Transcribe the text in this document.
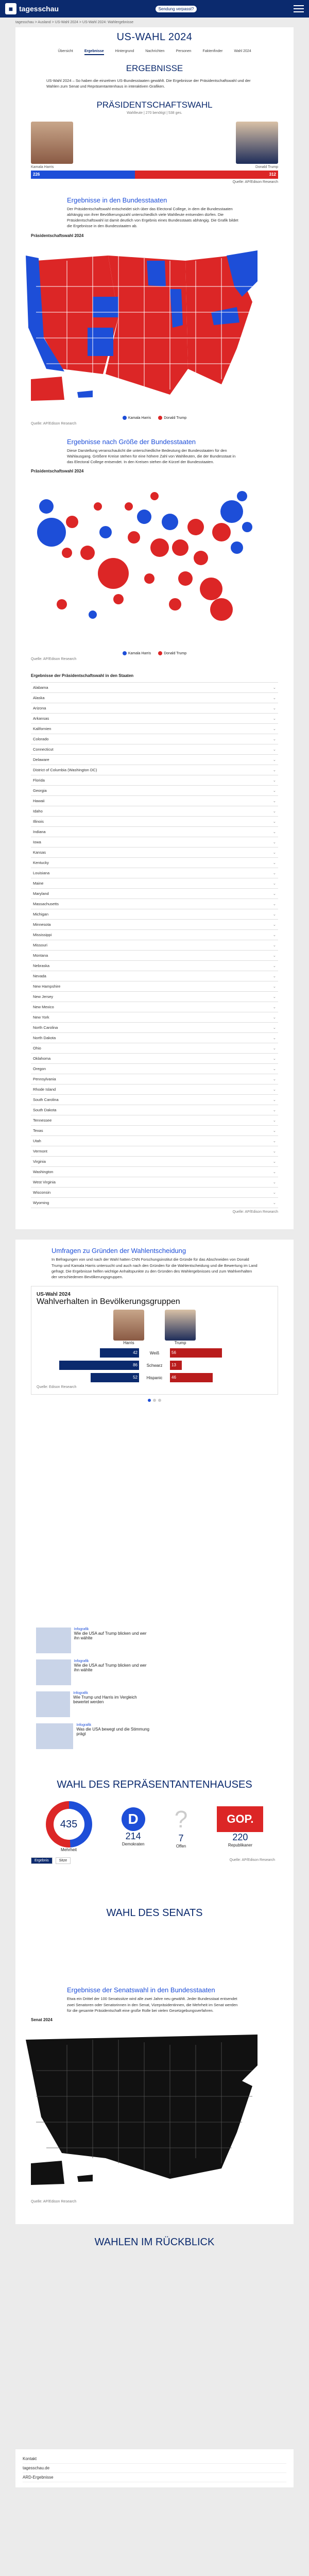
■ tagesschau	Sendung verpasst?
tagesschau > Ausland > US-Wahl 2024 > US-Wahl 2024: Wahlergebnisse
US-WAHL 2024
Übersicht	Ergebnisse	Hintergrund	Nachrichten	Personen	Faktenfinder	Wahl 2024
ERGEBNISSE

US-Wahl 2024 – So haben die einzelnen US-Bundesstaaten gewählt. Die Ergebnisse der Präsidentschaftswahl und der Wahlen zum Senat und Repräsentantenhaus in interaktiven Grafiken.

PRÄSIDENTSCHAFTSWAHL
Wahlleute | 270 benötigt | 538 ges.
Kamala Harris	Donald Trump
226	312
Quelle: AP/Edison Research
Ergebnisse in den Bundesstaaten

Der Präsidentschaftswahl entscheidet sich über das Electoral College, in dem die Bundesstaaten abhängig von ihrer Bevölkerungszahl unterschiedlich viele Wahlleute entsenden dürfen. Die Präsidentschaftswahl ist damit deutlich von Ergebnis eines Bundesstaats abhängig. Die Grafik bildet die Ergebnisse in den Bundesstaaten ab.

Präsidentschaftswahl 2024
Kamala Harris	Donald Trump
Quelle: AP/Edison Research
Ergebnisse nach Größe der Bundesstaaten

Diese Darstellung veranschaulicht die unterschiedliche Bedeutung der Bundesstaaten für den Wahlausgang. Größere Kreise stehen für eine höhere Zahl von Wahlleuten, die der Bundesstaat in das Electoral College entsendet. In den Kreisen stehen die Kürzel der Bundesstaaten.

Präsidentschaftswahl 2024
Kamala Harris	Donald Trump
Quelle: AP/Edison Research
Ergebnisse der Präsidentschaftswahl in den Staaten
Alabama	⌄
Alaska	⌄
Arizona	⌄
Arkansas	⌄
Kalifornien	⌄
Colorado	⌄
Connecticut	⌄
Delaware	⌄
District of Columbia (Washington DC)	⌄
Florida	⌄
Georgia	⌄
Hawaii	⌄
Idaho	⌄
Illinois	⌄
Indiana	⌄
Iowa	⌄
Kansas	⌄
Kentucky	⌄
Louisiana	⌄
Maine	⌄
Maryland	⌄
Massachusetts	⌄
Michigan	⌄
Minnesota	⌄
Mississippi	⌄
Missouri	⌄
Montana	⌄
Nebraska	⌄
Nevada	⌄
New Hampshire	⌄
New Jersey	⌄
New Mexico	⌄
New York	⌄
North Carolina	⌄
North Dakota	⌄
Ohio	⌄
Oklahoma	⌄
Oregon	⌄
Pennsylvania	⌄
Rhode Island	⌄
South Carolina	⌄
South Dakota	⌄
Tennessee	⌄
Texas	⌄
Utah	⌄
Vermont	⌄
Virginia	⌄
Washington	⌄
West Virginia	⌄
Wisconsin	⌄
Wyoming	⌄
Quelle: AP/Edison Research
Umfragen zu Gründen der Wahlentscheidung

In Befragungen von und nach der Wahl hatten CNN Forschungsinstitut die Gründe für das Abschneiden von Donald Trump und Kamala Harris untersucht und auch nach den Gründen für die Wahlentscheidung und die Bewertung im Land gefragt. Die Ergebnisse helfen wichtige Anhaltspunkte zu den Gründen des Wahlergebnisses und zum Wahlverhalten der verschiedenen Bevölkerungsgruppen.

US-Wahl 2024
Wahlverhalten in Bevölkerungsgruppen
Harris	Trump
42	Weiß	56
86	Schwarz	13
52	Hispanic	46
Quelle: Edison Research
Infografik
Wie die USA auf Trump blicken und wer ihn wählte
Infografik
Wie die USA auf Trump blicken und wer ihn wählte
Infografik
Wie Trump und Harris im Vergleich bewertet werden
Infografik
Was die USA bewegt und die Stimmung prägt
WAHL DES REPRÄSENTANTENHAUSES
435
Mehrheit
D
214
Demokraten
?
7
Offen
GOP.
220
Republikaner
Ergebnis	Sitze	Quelle: AP/Edison Research
WAHL DES SENATS
Ergebnisse der Senatswahl in den Bundesstaaten

Etwa ein Drittel der 100 Senatssitze wird alle zwei Jahre neu gewählt. Jeder Bundesstaat entsendet zwei Senatoren oder Senatorinnen in den Senat, Vizepräsidentinnen, die Mehrheit im Senat werden für die gesamte Präsidentschaft eine große Rolle bei vielen Gesetzgebungsverfahren.

Senat 2024
Quelle: AP/Edison Research
WAHLEN IM RÜCKBLICK
Kontakt
tagesschau.de
ARD-Ergebnisse
